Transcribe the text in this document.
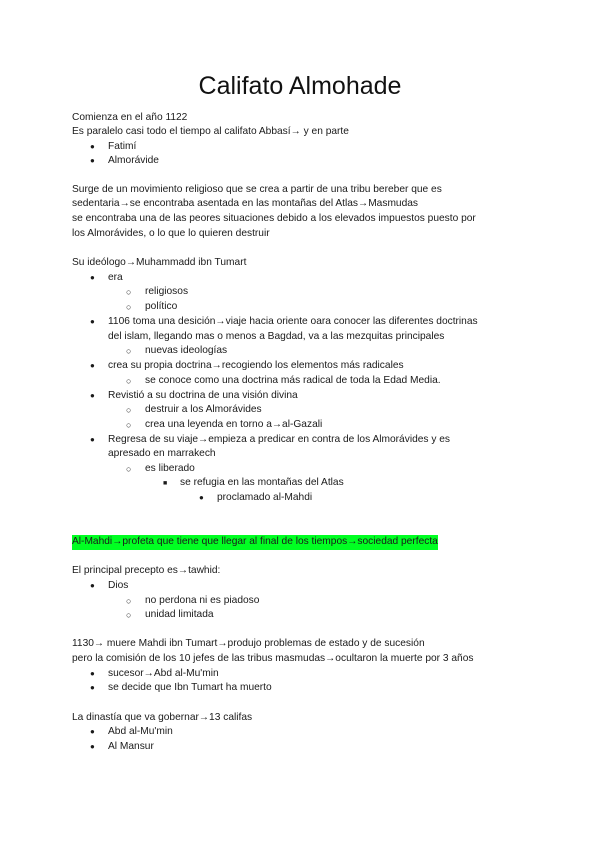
Califato Almohade
Comienza en el año 1122
Es paralelo casi todo el tiempo al califato Abbasí→ y en parte
●
Fatimí
●
Almorávide
Surge de un movimiento religioso que se crea a partir de una tribu bereber que es
sedentaria→se encontraba asentada en las montañas del Atlas→Masmudas
se encontraba una de las peores situaciones debido a los elevados impuestos puesto por
los Almorávides, o lo que lo quieren destruir
Su ideólogo→Muhammadd ibn Tumart
●
era
○
religiosos
○
político
●
1106 toma una desición→viaje hacia oriente oara conocer las diferentes doctrinas
del islam, llegando mas o menos a Bagdad, va a las mezquitas principales
○
nuevas ideologías
●
crea su propia doctrina→recogiendo los elementos más radicales
○
se conoce como una doctrina más radical de toda la Edad Media.
●
Revistió a su doctrina de una visión divina
○
destruir a los Almorávides
○
crea una leyenda en torno a→al-Gazali
●
Regresa de su viaje→empieza a predicar en contra de los Almorávides y es
apresado en marrakech
○
es liberado
■
se refugia en las montañas del Atlas
●
proclamado al-Mahdi
Al-Mahdi→profeta que tiene que llegar al final de los tiempos→sociedad perfecta
El principal precepto es→tawhid:
●
Dios
○
no perdona ni es piadoso
○
unidad limitada
1130→ muere Mahdi ibn Tumart→produjo problemas de estado y de sucesión
pero la comisión de los 10 jefes de las tribus masmudas→ocultaron la muerte por 3 años
●
sucesor→Abd al-Mu'min
●
se decide que Ibn Tumart ha muerto
La dinastía que va gobernar→13 califas
●
Abd al-Mu'min
●
Al Mansur
